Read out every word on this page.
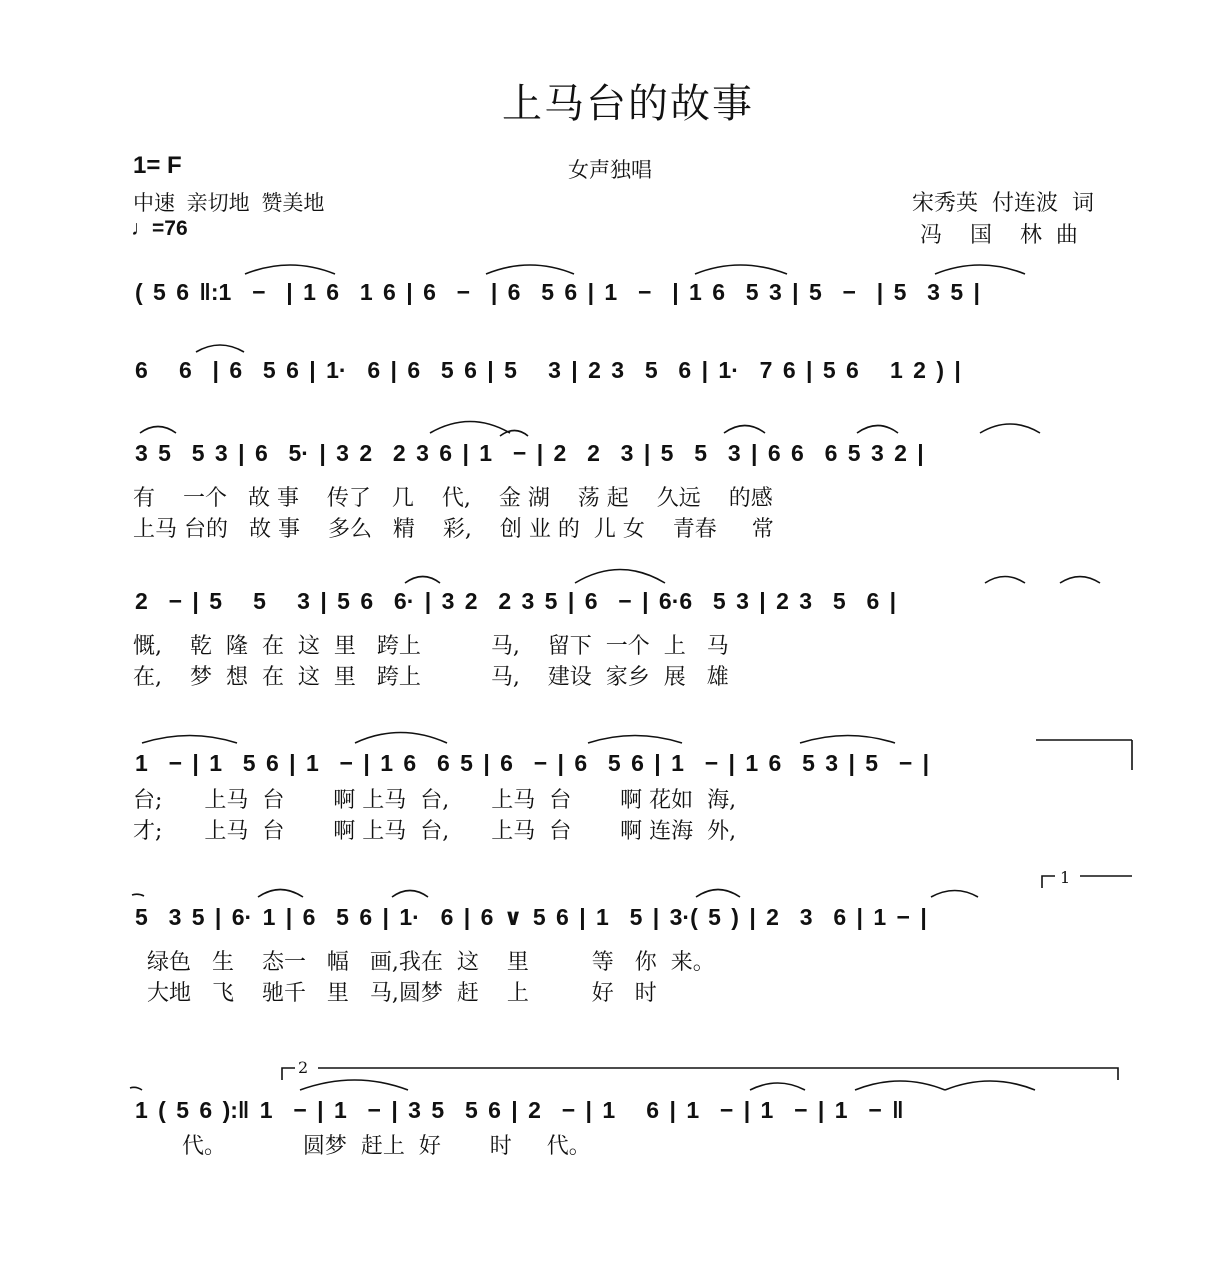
上马台的故事
1= F	女声独唱
中速  亲切地  赞美地
♩=76
宋秀英  付连波  词
冯    国    林  曲
( 5 6 ‖:1  −  | 1 6  1 6 | 6  −  | 6  5 6 | 1  −  | 1 6  5 3 | 5  −  | 5  3 5 |
6   6  | 6  5 6 | 1·  6 | 6  5 6 | 5   3 | 2 3  5  6 | 1·  7 6 | 5 6   1 2 ) |
3 5  5 3 | 6  5· | 3 2  2 3 6 | 1  − | 2  2  3 | 5  5  3 | 6 6  6 5 3 2 |
有    一个   故 事    传了   几    代,    金 湖    荡 起    久远    的感
上马 台的   故 事    多么   精    彩,    创 业 的  儿 女    青春     常
2  − | 5   5   3 | 5 6  6· | 3 2  2 3 5 | 6  − | 6·6  5 3 | 2 3  5  6 |
慨,    乾  隆  在  这  里   跨上          马,    留下  一个  上   马
在,    梦  想  在  这  里   跨上          马,    建设  家乡  展   雄
1  − | 1  5 6 | 1  − | 1 6  6 5 | 6  − | 6  5 6 | 1  − | 1 6  5 3 | 5  − |
台;      上马  台       啊 上马  台,      上马  台       啊 花如  海,
才;      上马  台       啊 上马  台,      上马  台       啊 连海  外,
1
5  3 5 | 6· 1 | 6  5 6 | 1·  6 | 6 ∨ 5 6 | 1  5 | 3·( 5 ) | 2  3  6 | 1 − |
绿色   生    态一   幅   画,我在  这    里         等   你  来。
大地   飞    驰千   里   马,圆梦  赶    上         好   时
2
1 ( 5 6 ):‖ 1  − | 1  − | 3 5  5 6 | 2  − | 1   6 | 1  − | 1  − | 1  − ‖
代。           圆梦  赶上  好       时     代。
